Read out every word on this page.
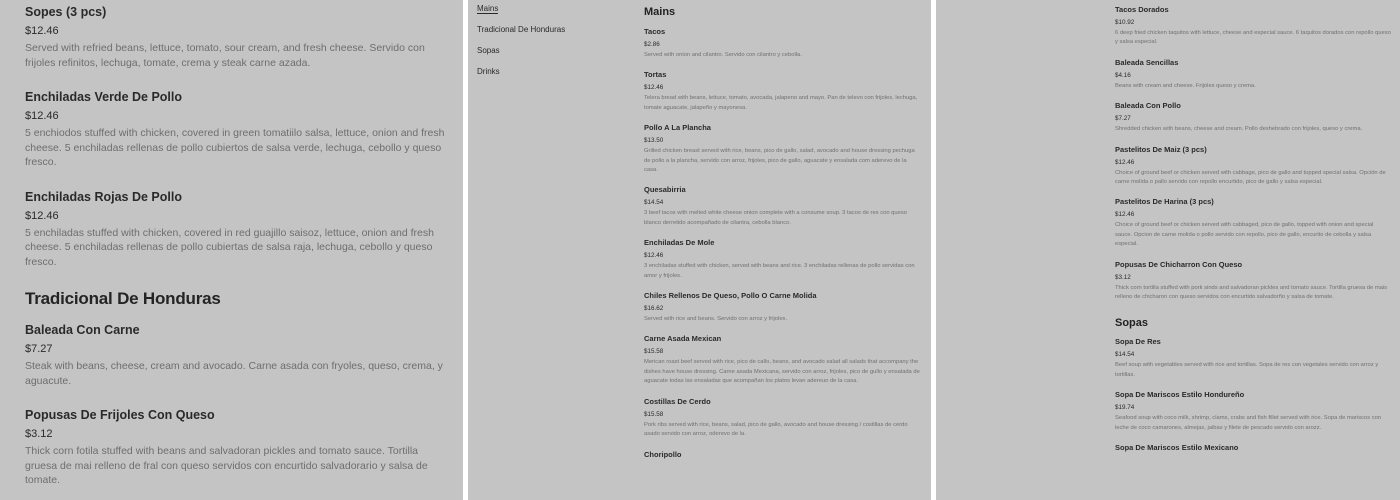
Sopes (3 pcs)
$12.46
Served with refried beans, lettuce, tomato, sour cream, and fresh cheese. Servido con frijoles refinitos, lechuga, tomate, crema y steak carne azada.
Enchiladas Verde De Pollo
$12.46
5 enchiodos stuffed with chicken, covered in green tomatiilo salsa, lettuce, onion and fresh cheese. 5 enchiladas rellenas de pollo cubiertos de salsa verde, lechuga, cebollo y queso fresco.
Enchiladas Rojas De Pollo
$12.46
5 enchiladas stuffed with chicken, covered in red guajillo saisoz, lettuce, onion and fresh cheese. 5 enchiladas rellenas de pollo cubiertas de salsa raja, lechuga, cebollo y queso fresco.
Tradicional De Honduras
Baleada Con Carne
$7.27
Steak with beans, cheese, cream and avocado. Carne asada con fryoles, queso, crema, y aguacute.
Popusas De Frijoles Con Queso
$3.12
Thick corn fotila stuffed with beans and salvadoran pickles and tomato sauce. Tortilla gruesa de mai relleno de fral con queso servidos con encurtido salvadorario y salsa de tomate.
Mains
Tradicional De Honduras
Sopas
Drinks
Mains
Tacos
$2.86
Served with onion and cilantro. Servido con cilantro y cebolla.
Tortas
$12.46
Telera bread with beans, lettuce, tomato, avocada, jalapeno and mayo. Pan de televo con frijoles, lechuga, tomate aguacate, jalapeño y mayonesa.
Pollo A La Plancha
$13.50
Grilled chicken breast served with rice, beans, pico de gallo, salad, avocado and house dressing pechuga de pollo a la plancha, servido con arroz, frijoles, pico de gallo, aguacate y ensalada com aderevo de la casa.
Quesabirria
$14.54
3 beef tacos with melted white cheese onion complete with a consume soup. 3 tacos de res con queso blanco derretido acompañado de cilantra, cebolla blanco.
Enchiladas De Mole
$12.46
3 enchiladas stuffed with chicken, served with beans and rice. 3 enchiladas rellenas de pollo servidas con amor y frijoles.
Chiles Rellenos De Queso, Pollo O Carne Molida
$16.62
Served with rice and beans. Servido con arroz y frijoles.
Carne Asada Mexican
$15.58
Merican roast beef served with rice, pico de callo, beans, and avocado salad all salads that accompany the dishes have house dressing. Carne asada Mexicana, servido con arroz, frijoles, pico de gullo y ensalada de aguacate todas las ensaladas que acompañan los platos levan adereuo de la casa.
Costillas De Cerdo
$15.58
Pork ribs served with rice, beans, salad, pico de gallo, avocado and house dressing / costillas de cerdo asado servido con arroz, oderevo de la.
Choripollo
Tacos Dorados
$10.92
6 deep fried chicken taquitos with lettuce, cheese and especial sauce. 6 taquitos dorados con repollo queso y salsa especial.
Baleada Sencillas
$4.16
Beans with cream and cheese. Frijoles queso y crema.
Baleada Con Pollo
$7.27
Shredded chicken with beans, cheese and cream. Pollo deshebrado con frijoles, queso y crema.
Pastelitos De Maiz (3 pcs)
$12.46
Choice of ground beef or chicken served with cabbage, pico de gallo and topped special salsa. Opción de carne molida o pallo servido con repollo encurtido, pico de gallo y salsa especial.
Pastelitos De Harina (3 pcs)
$12.46
Choice of ground beef or chicken served with cabbaged, pico de gallo, topped with onion and special sauce. Opcion de carne molida o pollo servido con repollo, pico de gallo, encurito de cebolla y salsa especial.
Popusas De Chicharron Con Queso
$3.12
Thick corn tortilla stuffed with pork sinds and salvadoran pickles and tomato sauce. Tortilla gruesa de mais relleno de chicharon con queso servidos con encurtido salvadorño y salsa de tomate.
Sopas
Sopa De Res
$14.54
Beef soup with vegetables served with rice and tortillas. Sopa de res con vegetales servido con arroz y tortillas.
Sopa De Mariscos Estilo Hondureño
$19.74
Seafood soup with coco milk, shrimp, clams, crabs and fish fillet served with rice. Sopa de mariscos con leche de coco camarones, almejas, jaibas y filete de pescado servido con arozz.
Sopa De Mariscos Estilo Mexicano
